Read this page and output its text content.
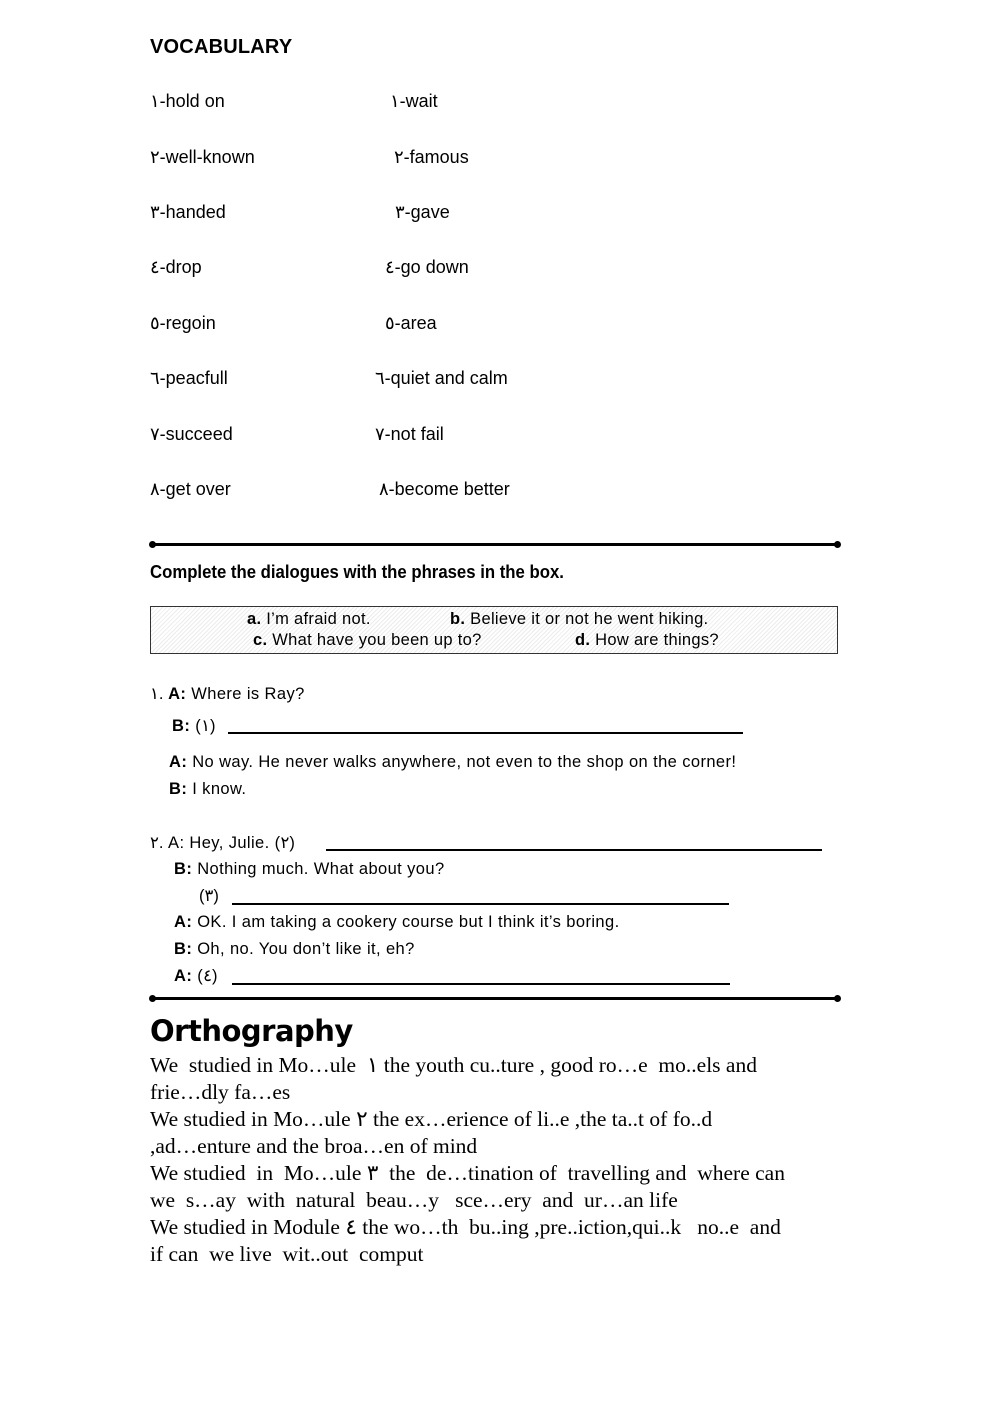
VOCABULARY
١-hold on	١-wait
٢-well-known	٢-famous
٣-handed	٣-gave
٤-drop	٤-go down
٥-regoin	٥-area
٦-peacfull	٦-quiet and calm
٧-succeed	٧-not fail
٨-get over	٨-become better
Complete the dialogues with the phrases in the box.
a. I’m afraid not.	b. Believe it or not he went hiking.
c. What have you been up to?	d. How are things?
١. A: Where is Ray?
B: (١)
A: No way. He never walks anywhere, not even to the shop on the corner!
B: I know.
٢. A: Hey, Julie. (٢)
B: Nothing much. What about you?
(٣)
A: OK. I am taking a cookery course but I think it’s boring.
B: Oh, no. You don’t like it, eh?
A: (٤)
Orthography
We  studied in Mo…ule  ١ the youth cu..ture , good ro…e  mo..els and
frie…dly fa…es
We studied in Mo…ule ٢ the ex…erience of li..e ,the ta..t of fo..d
,ad…enture and the broa…en of mind
We studied  in  Mo…ule ٣  the  de…tination of  travelling and  where can
we  s…ay  with  natural  beau…y   sce…ery  and  ur…an life
We studied in Module ٤ the wo…th  bu..ing ,pre..iction,qui..k   no..e  and
if can  we live  wit..out  comput
